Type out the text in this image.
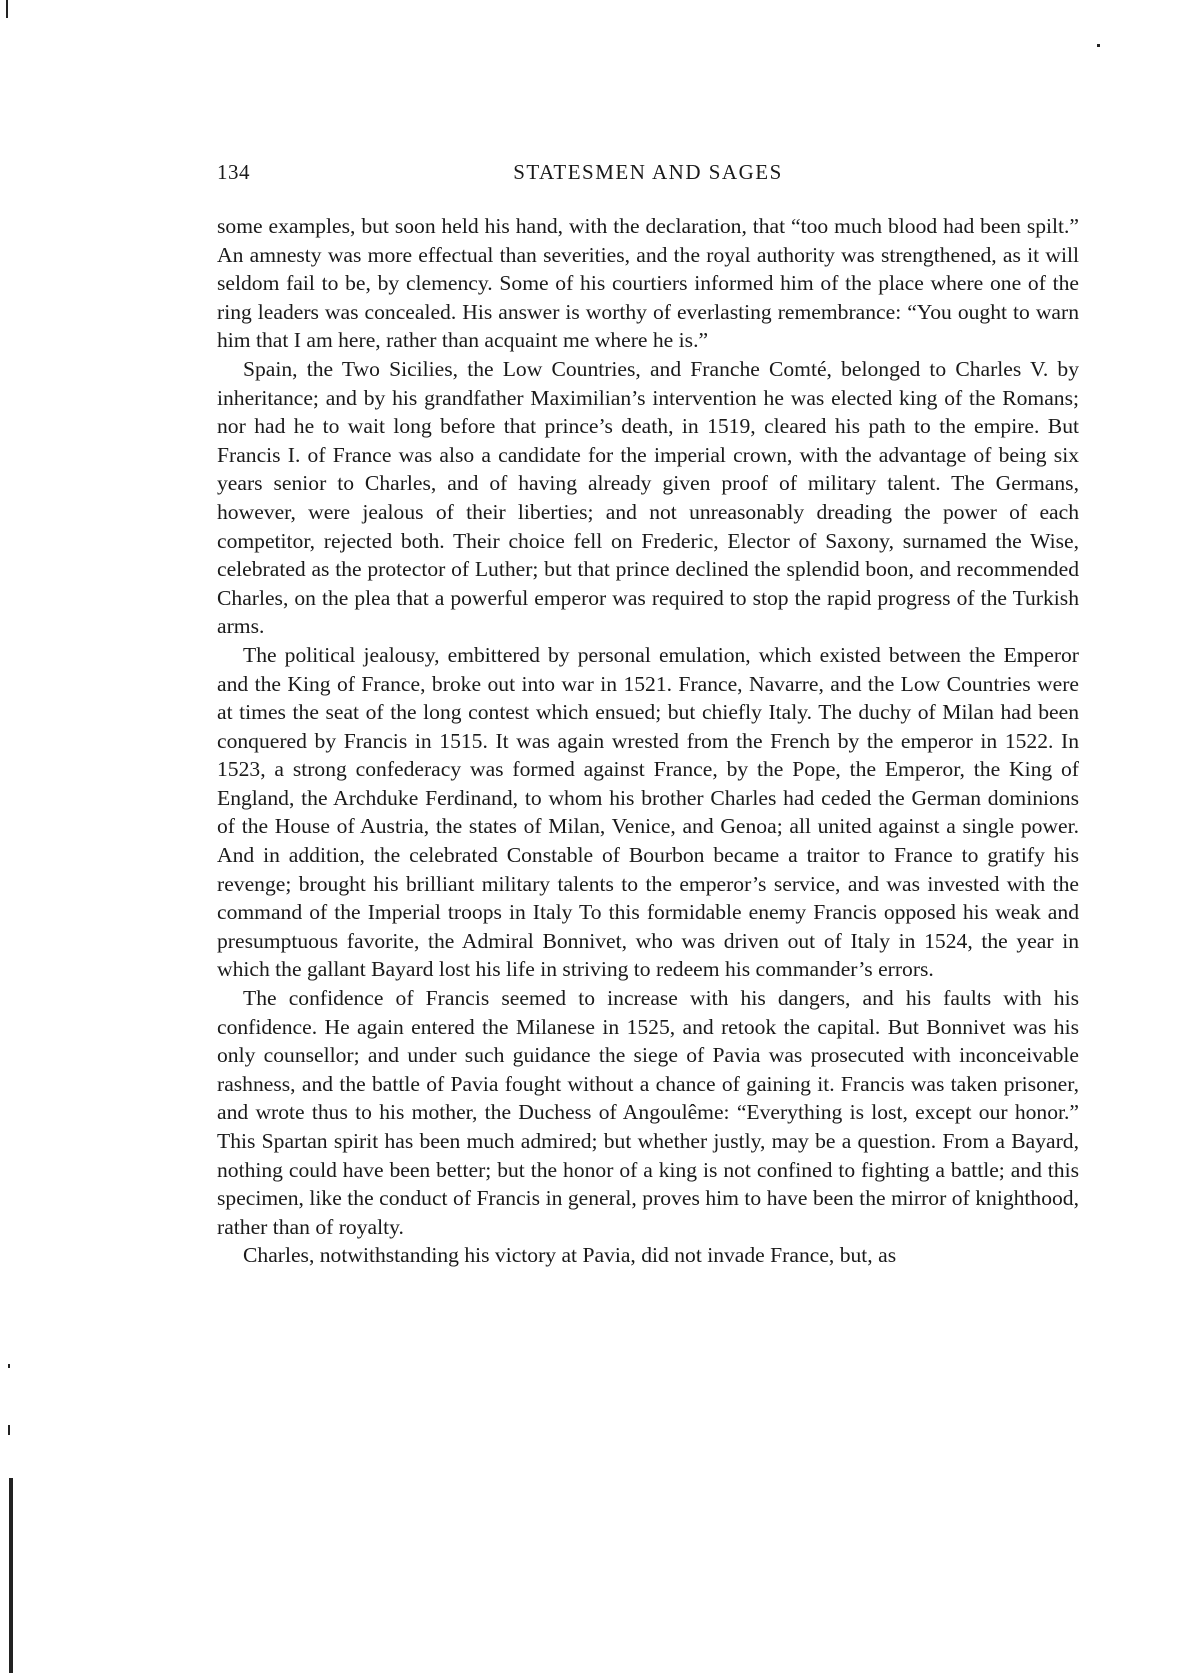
134	STATESMEN AND SAGES

some examples, but soon held his hand, with the declaration, that “too much blood had been spilt.” An amnesty was more effectual than severities, and the royal authority was strengthened, as it will seldom fail to be, by clemency. Some of his courtiers informed him of the place where one of the ring leaders was concealed. His answer is worthy of everlasting remembrance: “You ought to warn him that I am here, rather than acquaint me where he is.”

Spain, the Two Sicilies, the Low Countries, and Franche Comté, belonged to Charles V. by inheritance; and by his grandfather Maximilian’s intervention he was elected king of the Romans; nor had he to wait long before that prince’s death, in 1519, cleared his path to the empire. But Francis I. of France was also a candidate for the imperial crown, with the advantage of being six years senior to Charles, and of having already given proof of military talent. The Germans, however, were jealous of their liberties; and not unreasonably dreading the power of each competitor, rejected both. Their choice fell on Frederic, Elector of Saxony, surnamed the Wise, celebrated as the protector of Luther; but that prince declined the splendid boon, and recommended Charles, on the plea that a powerful emperor was required to stop the rapid progress of the Turkish arms.

The political jealousy, embittered by personal emulation, which existed between the Emperor and the King of France, broke out into war in 1521. France, Navarre, and the Low Countries were at times the seat of the long contest which ensued; but chiefly Italy. The duchy of Milan had been conquered by Francis in 1515. It was again wrested from the French by the emperor in 1522. In 1523, a strong confederacy was formed against France, by the Pope, the Emperor, the King of England, the Archduke Ferdinand, to whom his brother Charles had ceded the German dominions of the House of Austria, the states of Milan, Venice, and Genoa; all united against a single power. And in addition, the celebrated Constable of Bourbon became a traitor to France to gratify his revenge; brought his brilliant military talents to the emperor’s service, and was invested with the command of the Imperial troops in Italy To this formidable enemy Francis opposed his weak and presumptuous favorite, the Admiral Bonnivet, who was driven out of Italy in 1524, the year in which the gallant Bayard lost his life in striving to redeem his commander’s errors.

The confidence of Francis seemed to increase with his dangers, and his faults with his confidence. He again entered the Milanese in 1525, and retook the capital. But Bonnivet was his only counsellor; and under such guidance the siege of Pavia was prosecuted with inconceivable rashness, and the battle of Pavia fought without a chance of gaining it. Francis was taken prisoner, and wrote thus to his mother, the Duchess of Angoulême: “Everything is lost, except our honor.” This Spartan spirit has been much admired; but whether justly, may be a question. From a Bayard, nothing could have been better; but the honor of a king is not confined to fighting a battle; and this specimen, like the conduct of Francis in general, proves him to have been the mirror of knighthood, rather than of royalty.

Charles, notwithstanding his victory at Pavia, did not invade France, but, as
